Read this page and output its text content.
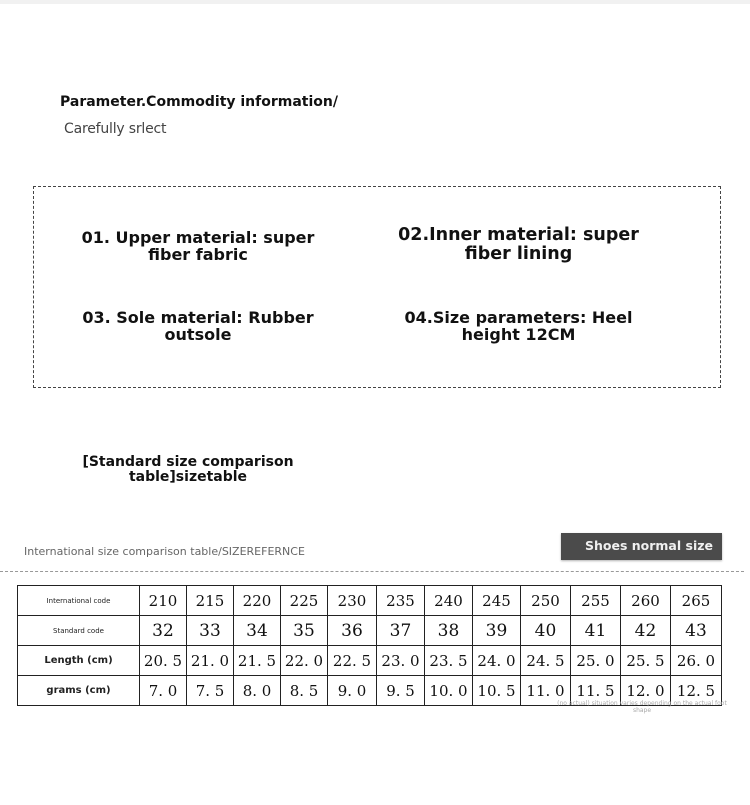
Parameter.Commodity information/
Carefully srlect
01. Upper material: super fiber fabric
02.Inner material: super fiber lining
03. Sole material: Rubber outsole
04.Size parameters: Heel height 12CM
[Standard size comparison table]sizetable
International size comparison table/SIZEREFERNCE	Shoes normal size
International code	210	215	220	225	230	235	240	245	250	255	260	265
Standard code	32	33	34	35	36	37	38	39	40	41	42	43
Length (cm)	20. 5	21. 0	21. 5	22. 0	22. 5	23. 0	23. 5	24. 0	24. 5	25. 0	25. 5	26. 0
grams (cm)	7. 0	7. 5	8. 0	8. 5	9. 0	9. 5	10. 0	10. 5	11. 0	11. 5	12. 0	12. 5
(no actual) situation varies depending on the actual foot shape
